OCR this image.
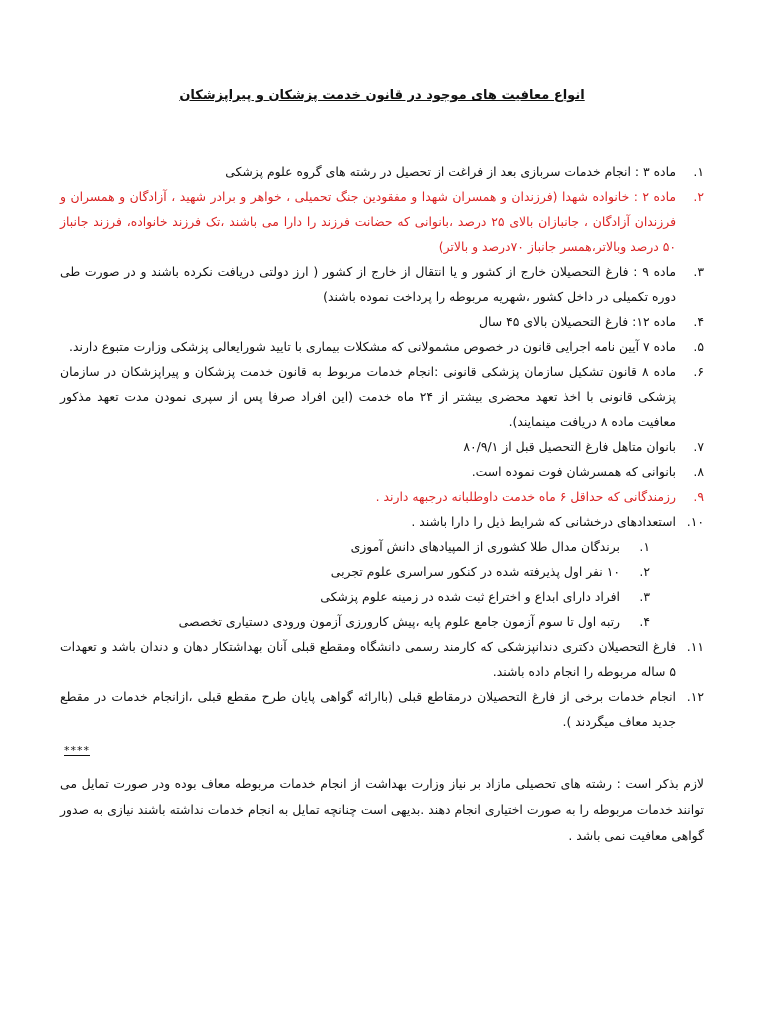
انواع معافیت های موجود در قانون خدمت پزشکان و پیراپزشکان
۱.
ماده ۳ : انجام خدمات سربازی بعد از فراغت از تحصیل در رشته های گروه علوم پزشکی
۲.
ماده ۲ : خانواده شهدا (فرزندان و همسران شهدا و مفقودین جنگ تحمیلی ، خواهر و برادر شهید ، آزادگان و همسران و فرزندان آزادگان ، جانبازان بالای ۲۵ درصد ،بانوانی که حضانت فرزند را دارا می باشند ،تک فرزند خانواده، فرزند جانباز ۵۰ درصد وبالاتر،همسر جانباز ۷۰درصد و بالاتر)
۳.
ماده ۹ : فارغ التحصیلان خارج از کشور و یا انتقال از خارج از کشور ( ارز دولتی دریافت نکرده باشند و در صورت طی دوره تکمیلی در داخل کشور ،شهریه مربوطه را پرداخت نموده باشند)
۴.
ماده ۱۲: فارغ التحصیلان بالای ۴۵ سال
۵.
ماده ۷ آیین نامه اجرایی قانون در خصوص مشمولانی که مشکلات بیماری با تایید شورایعالی پزشکی وزارت متبوع دارند.
۶.
ماده ۸ قانون تشکیل سازمان پزشکی قانونی :انجام خدمات مربوط به قانون خدمت پزشکان و پیراپزشکان در سازمان پزشکی قانونی با اخذ تعهد محضری بیشتر از ۲۴ ماه خدمت (این افراد صرفا پس از سپری نمودن مدت تعهد مذکور معافیت ماده ۸ دریافت مینمایند).
۷.
بانوان متاهل فارغ التحصیل قبل از ۸۰/۹/۱
۸.
بانوانی که همسرشان فوت نموده است.
۹.
رزمندگانی که حداقل ۶ ماه خدمت داوطلبانه درجبهه دارند .
۱۰.
استعدادهای درخشانی که شرایط ذیل را دارا باشند .
۱.
برندگان مدال طلا کشوری از المپیادهای دانش آموزی
۲.
۱۰ نفر اول پذیرفته شده در کنکور سراسری علوم تجربی
۳.
افراد دارای ابداع و اختراع ثبت شده در زمینه علوم پزشکی
۴.
رتبه اول تا سوم آزمون جامع علوم پایه ،پیش کارورزی آزمون ورودی دستیاری تخصصی
۱۱.
فارغ التحصیلان دکتری دندانپزشکی که کارمند رسمی دانشگاه ومقطع قبلی آنان بهداشتکار دهان و دندان باشد و تعهدات ۵ ساله مربوطه را انجام داده باشند.
۱۲.
انجام خدمات برخی از فارغ التحصیلان درمقاطع قبلی (باارائه گواهی پایان طرح مقطع قبلی ،ازانجام خدمات در مقطع جدید معاف میگردند ).
****
لازم بذکر است : رشته های تحصیلی مازاد بر نیاز وزارت بهداشت از انجام خدمات مربوطه معاف بوده ودر صورت تمایل می توانند خدمات مربوطه را به صورت اختیاری انجام دهند .بدیهی است چنانچه تمایل به انجام خدمات نداشته باشند نیازی به صدور گواهی معافیت نمی باشد .
